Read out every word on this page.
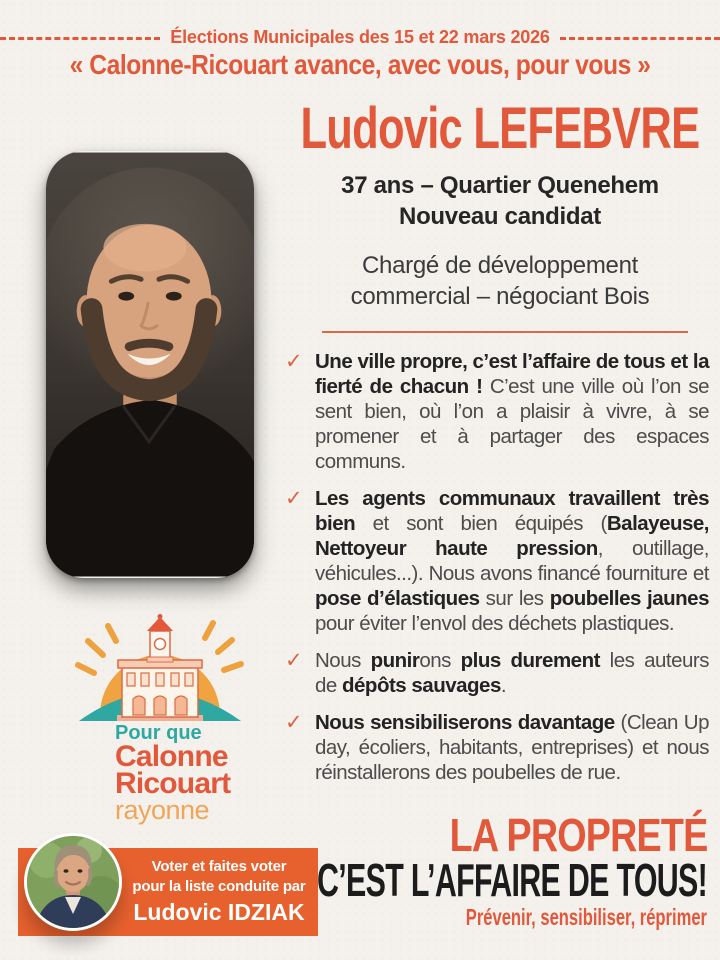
Élections Municipales des 15 et 22 mars 2026
« Calonne-Ricouart avance, avec vous, pour vous »
Ludovic LEFEBVRE
37 ans – Quartier Quenehem
Nouveau candidat
Chargé de développement
commercial – négociant Bois
✓ Une ville propre, c’est l’affaire de tous et la fierté de chacun ! C’est une ville où l’on se sent bien, où l’on a plaisir à vivre, à se promener et à partager des espaces communs.
✓ Les agents communaux travaillent très bien et sont bien équipés (Balayeuse, Nettoyeur haute pression, outillage, véhicules...). Nous avons financé fourniture et pose d’élastiques sur les poubelles jaunes pour éviter l’envol des déchets plastiques.
✓ Nous punirons plus durement les auteurs de dépôts sauvages.
✓ Nous sensibiliserons davantage (Clean Up day, écoliers, habitants, entreprises) et nous réinstallerons des poubelles de rue.
Pour que
Calonne
Ricouart
rayonne
Voter et faites voter
pour la liste conduite par
Ludovic IDZIAK
LA PROPRETÉ
C’EST L’AFFAIRE DE TOUS!
Prévenir, sensibiliser, réprimer
